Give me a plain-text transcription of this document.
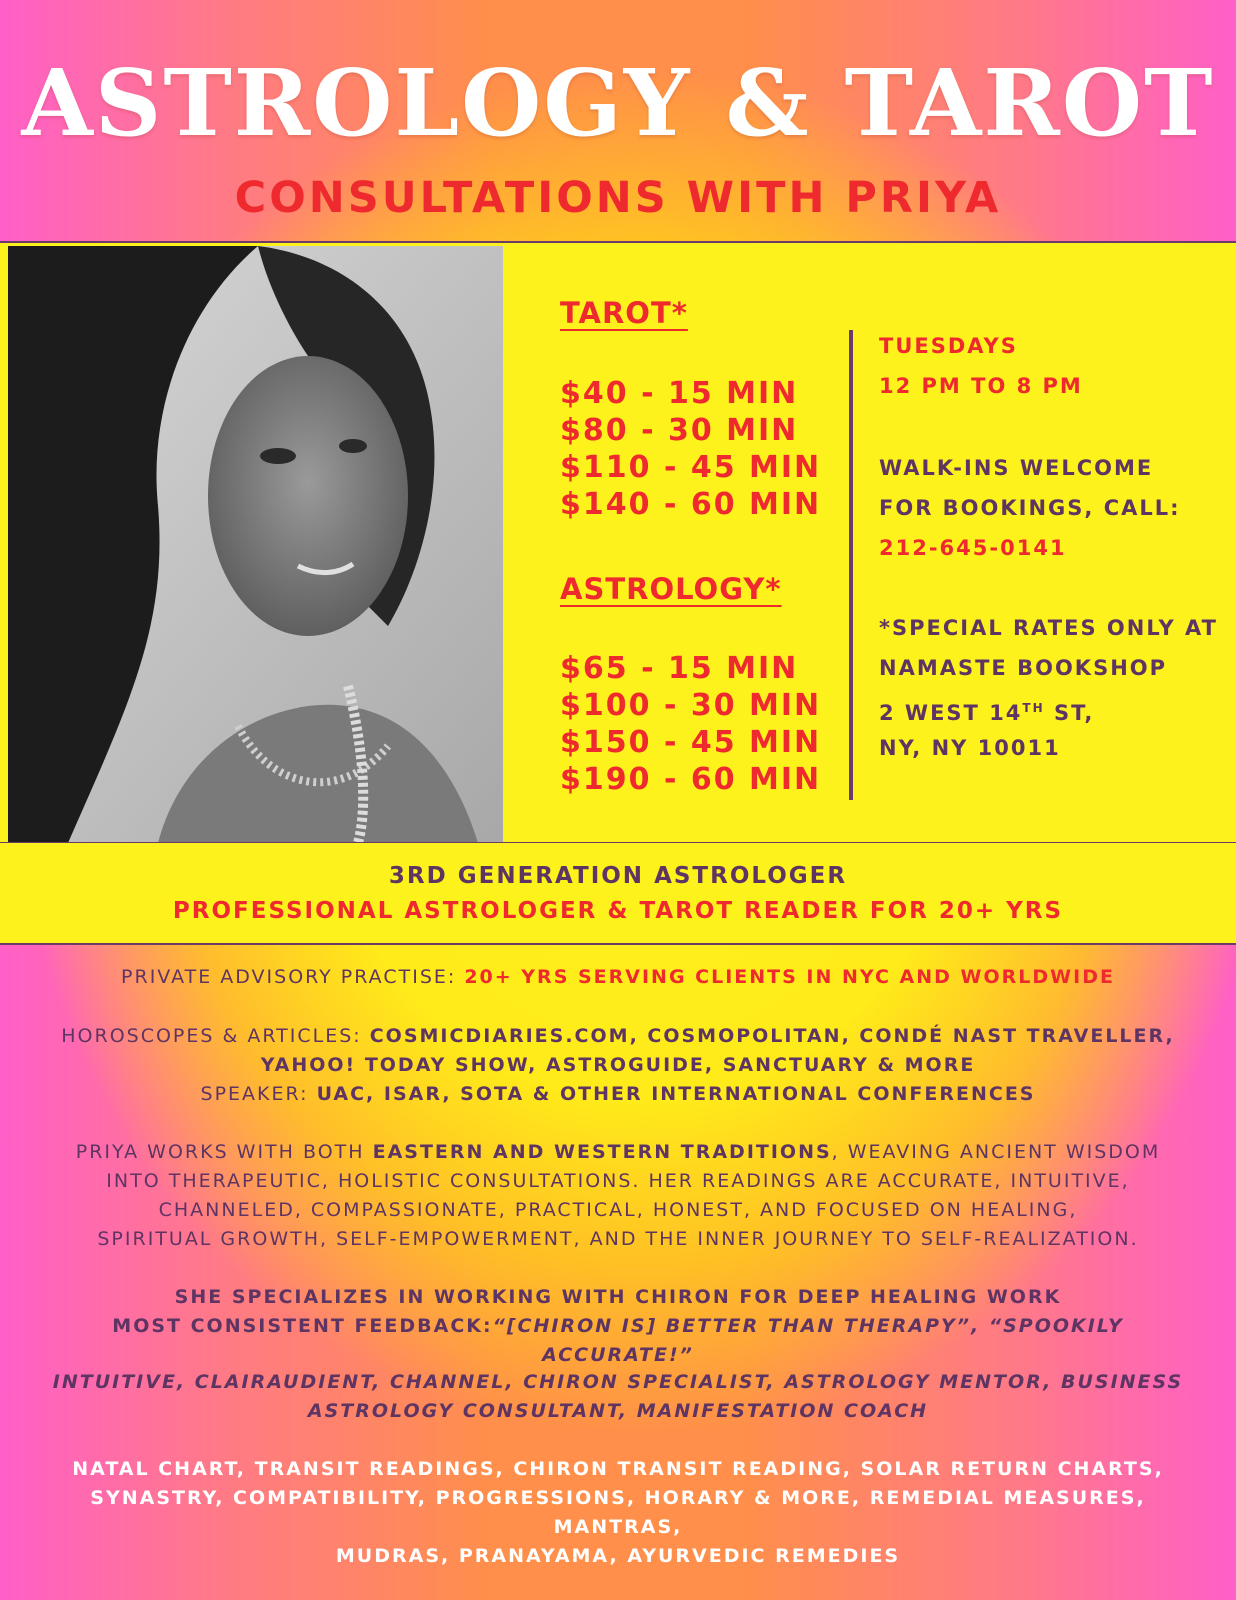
ASTROLOGY & TAROT
CONSULTATIONS WITH PRIYA
TAROT*
$40 - 15 MIN
$80 - 30 MIN
$110 - 45 MIN
$140 - 60 MIN
ASTROLOGY*
$65 - 15 MIN
$100 - 30 MIN
$150 - 45 MIN
$190 - 60 MIN
TUESDAYS
12 PM TO 8 PM
WALK-INS WELCOME
FOR BOOKINGS, CALL:
212-645-0141
*SPECIAL RATES ONLY AT
NAMASTE BOOKSHOP
2 WEST 14TH ST,
NY, NY 10011
3RD GENERATION ASTROLOGER
PROFESSIONAL ASTROLOGER & TAROT READER FOR 20+ YRS
PRIVATE ADVISORY PRACTISE: 20+ YRS SERVING CLIENTS IN NYC AND WORLDWIDE
HOROSCOPES & ARTICLES: COSMICDIARIES.COM, COSMOPOLITAN, CONDÉ NAST TRAVELLER,
YAHOO! TODAY SHOW, ASTROGUIDE, SANCTUARY & MORE
SPEAKER: UAC, ISAR, SOTA & OTHER INTERNATIONAL CONFERENCES
PRIYA WORKS WITH BOTH EASTERN AND WESTERN TRADITIONS, WEAVING ANCIENT WISDOM
INTO THERAPEUTIC, HOLISTIC CONSULTATIONS. HER READINGS ARE ACCURATE, INTUITIVE,
CHANNELED, COMPASSIONATE, PRACTICAL, HONEST, AND FOCUSED ON HEALING,
SPIRITUAL GROWTH, SELF-EMPOWERMENT, AND THE INNER JOURNEY TO SELF-REALIZATION.
SHE SPECIALIZES IN WORKING WITH CHIRON FOR DEEP HEALING WORK
MOST CONSISTENT FEEDBACK:“[CHIRON IS] BETTER THAN THERAPY”, “SPOOKILY ACCURATE!”
INTUITIVE, CLAIRAUDIENT, CHANNEL, CHIRON SPECIALIST, ASTROLOGY MENTOR, BUSINESS
ASTROLOGY CONSULTANT, MANIFESTATION COACH
NATAL CHART, TRANSIT READINGS, CHIRON TRANSIT READING, SOLAR RETURN CHARTS,
SYNASTRY, COMPATIBILITY, PROGRESSIONS, HORARY & MORE, REMEDIAL MEASURES, MANTRAS,
MUDRAS, PRANAYAMA, AYURVEDIC REMEDIES
